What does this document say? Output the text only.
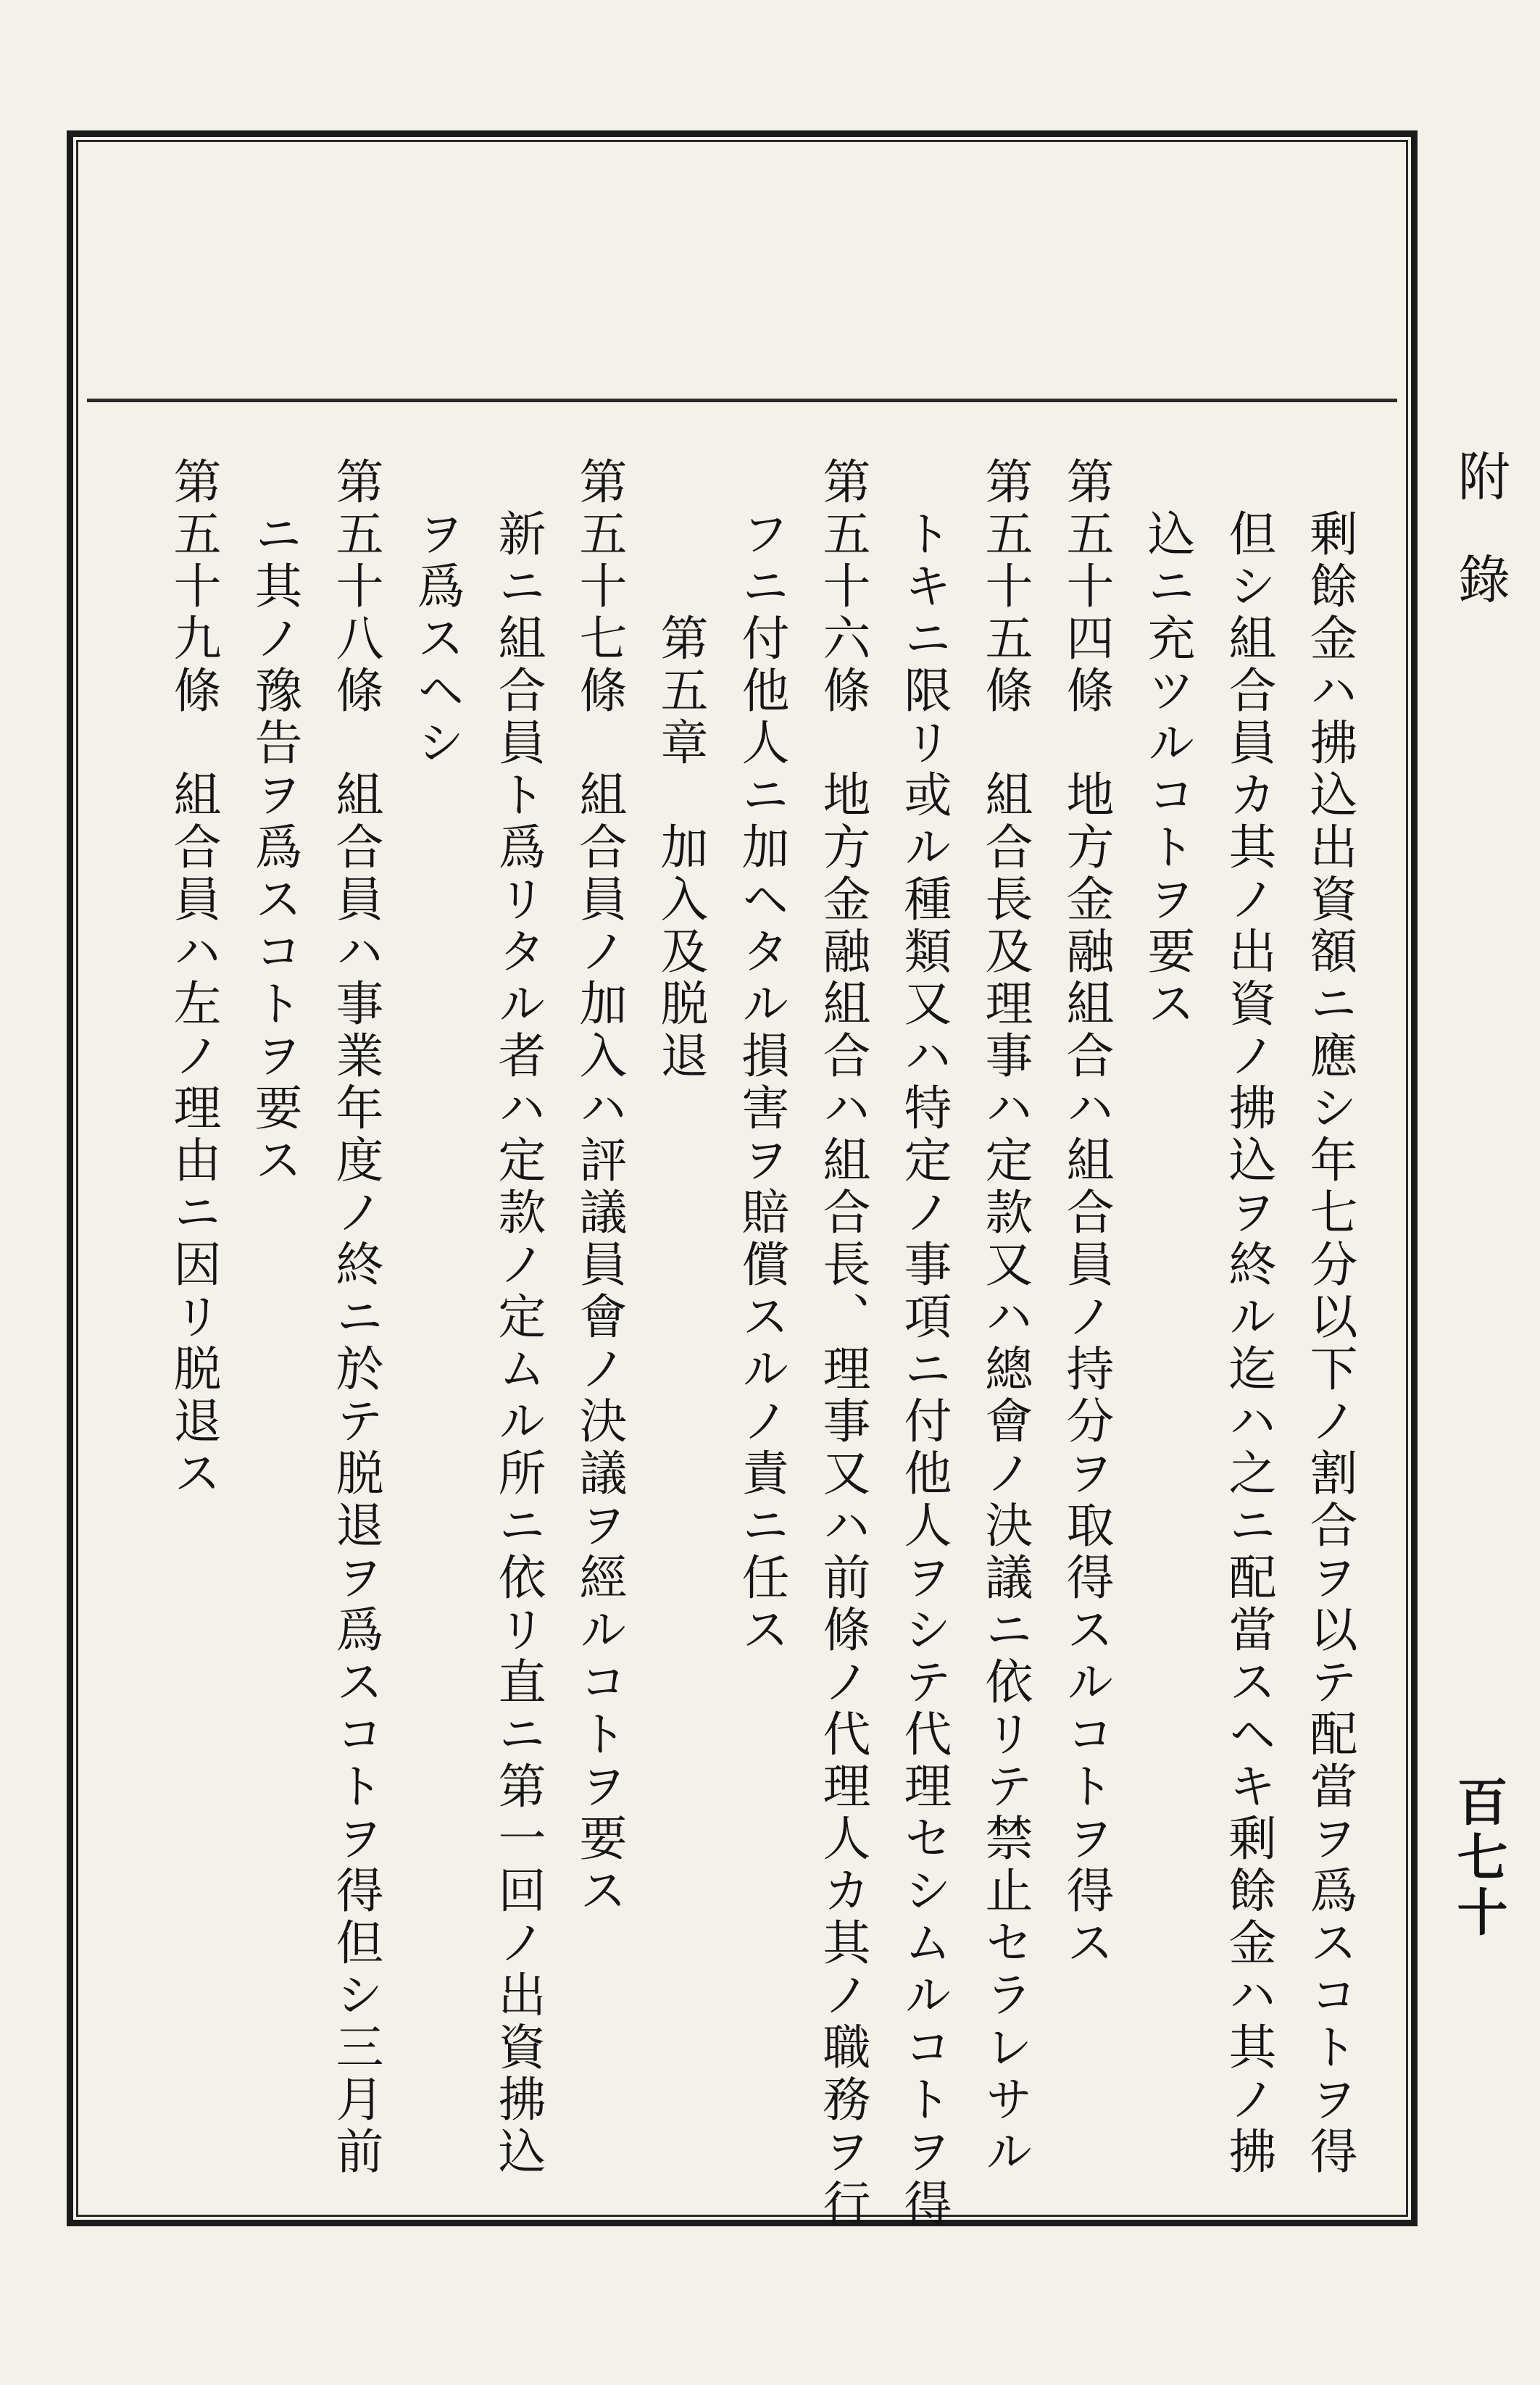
附錄
百七十

剰餘金ハ拂込出資額ニ應シ年七分以下ノ割合ヲ以テ配當ヲ爲スコトヲ得

但シ組合員カ其ノ出資ノ拂込ヲ終ル迄ハ之ニ配當スヘキ剰餘金ハ其ノ拂

込ニ充ツルコトヲ要ス

第五十四條　地方金融組合ハ組合員ノ持分ヲ取得スルコトヲ得ス

第五十五條　組合長及理事ハ定款又ハ總會ノ決議ニ依リテ禁止セラレサル

トキニ限リ或ル種類又ハ特定ノ事項ニ付他人ヲシテ代理セシムルコトヲ得

第五十六條　地方金融組合ハ組合長、理事又ハ前條ノ代理人カ其ノ職務ヲ行

フニ付他人ニ加ヘタル損害ヲ賠償スルノ責ニ任ス

第五章　加入及脱退

第五十七條　組合員ノ加入ハ評議員會ノ決議ヲ經ルコトヲ要ス

新ニ組合員ト爲リタル者ハ定款ノ定ムル所ニ依リ直ニ第一回ノ出資拂込

ヲ爲スヘシ

第五十八條　組合員ハ事業年度ノ終ニ於テ脱退ヲ爲スコトヲ得但シ三月前

ニ其ノ豫告ヲ爲スコトヲ要ス

第五十九條　組合員ハ左ノ理由ニ因リ脱退ス
